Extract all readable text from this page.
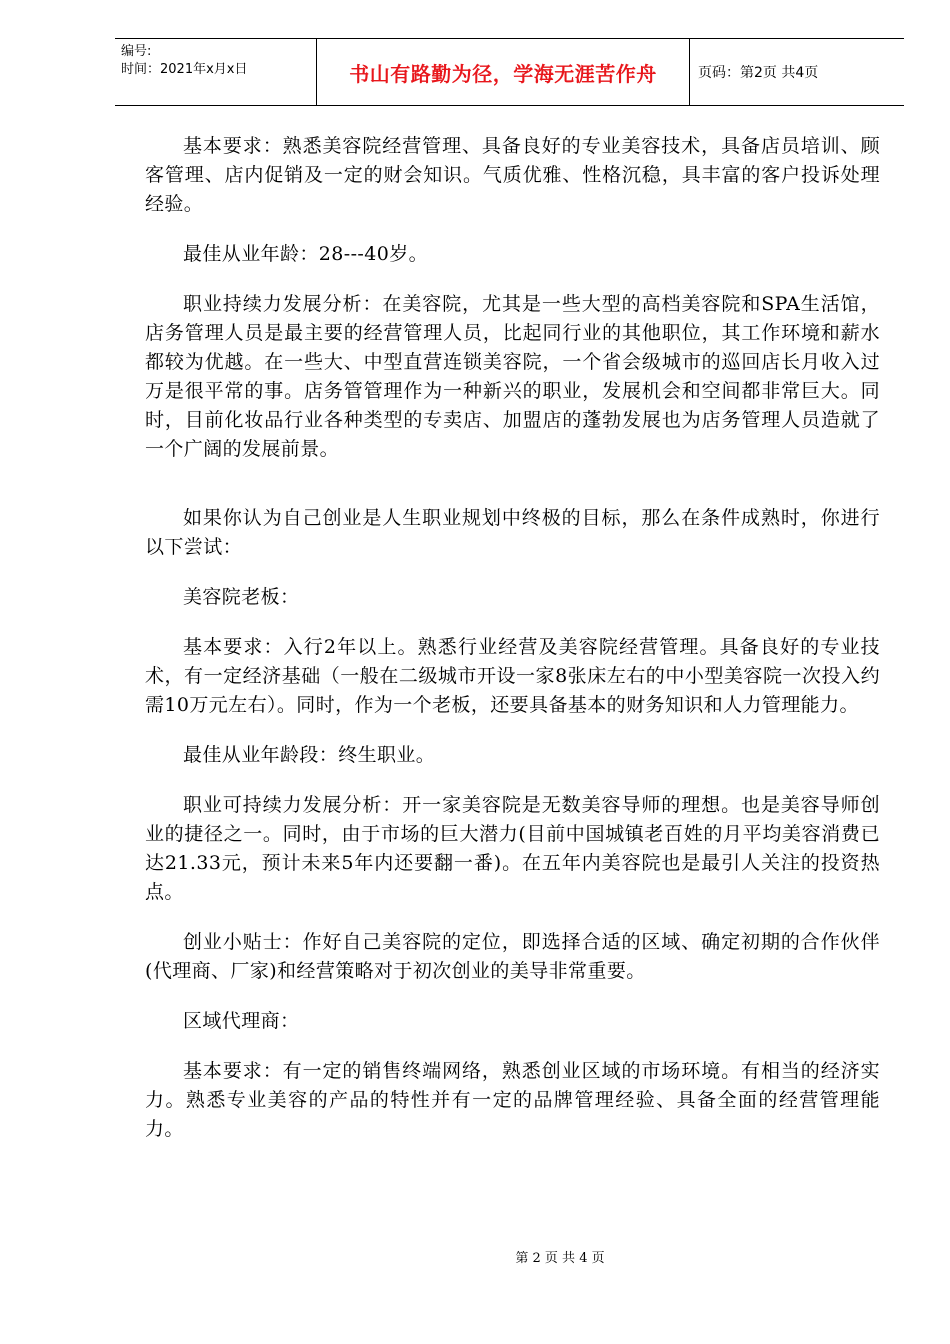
编号:
时间：2021年x月x日	书山有路勤为径，学海无涯苦作舟	页码：第2页 共4页

基本要求：熟悉美容院经营管理、具备良好的专业美容技术，具备店员培训、顾客管理、店内促销及一定的财会知识。气质优雅、性格沉稳，具丰富的客户投诉处理经验。

最佳从业年龄：28---40岁。

职业持续力发展分析：在美容院，尤其是一些大型的高档美容院和SPA生活馆，店务管理人员是最主要的经营管理人员，比起同行业的其他职位，其工作环境和薪水都较为优越。在一些大、中型直营连锁美容院，一个省会级城市的巡回店长月收入过万是很平常的事。店务管管理作为一种新兴的职业，发展机会和空间都非常巨大。同时，目前化妆品行业各种类型的专卖店、加盟店的蓬勃发展也为店务管理人员造就了一个广阔的发展前景。

如果你认为自己创业是人生职业规划中终极的目标，那么在条件成熟时，你进行以下尝试：

美容院老板：

基本要求：入行2年以上。熟悉行业经营及美容院经营管理。具备良好的专业技术，有一定经济基础（一般在二级城市开设一家8张床左右的中小型美容院一次投入约需10万元左右）。同时，作为一个老板，还要具备基本的财务知识和人力管理能力。

最佳从业年龄段：终生职业。

职业可持续力发展分析：开一家美容院是无数美容导师的理想。也是美容导师创业的捷径之一。同时，由于市场的巨大潜力(目前中国城镇老百姓的月平均美容消费已达21.33元，预计未来5年内还要翻一番)。在五年内美容院也是最引人关注的投资热点。

创业小贴士：作好自己美容院的定位，即选择合适的区域、确定初期的合作伙伴(代理商、厂家)和经营策略对于初次创业的美导非常重要。

区域代理商：

基本要求：有一定的销售终端网络，熟悉创业区域的市场环境。有相当的经济实力。熟悉专业美容的产品的特性并有一定的品牌管理经验、具备全面的经营管理能力。

第 2 页 共 4 页
